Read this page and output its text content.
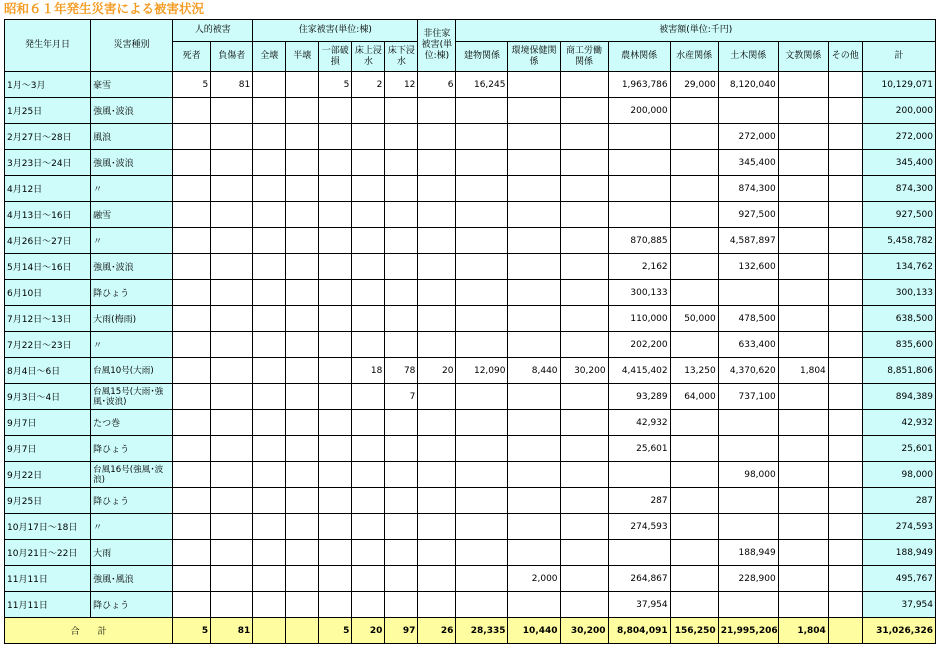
昭和６１年発生災害による被害状況
発生年月日	災害種別	人的被害		住家被害(単位:棟)					非住家被害(単位:棟)	被害額(単位:千円)								
		死者	負傷者	全壊	半壊	一部破損	床上浸水	床下浸水		建物関係	環境保健関係	商工労働関係	農林関係	水産関係	土木関係	文教関係	その他	計
1月～3月	豪雪	5	81			5	2	12	6	16,245			1,963,786	29,000	8,120,040			10,129,071
1月25日	強風･波浪												200,000					200,000
2月27日～28日	風浪														272,000			272,000
3月23日～24日	強風･波浪														345,400			345,400
4月12日	〃														874,300			874,300
4月13日～16日	融雪														927,500			927,500
4月26日～27日	〃												870,885		4,587,897			5,458,782
5月14日～16日	強風･波浪												2,162		132,600			134,762
6月10日	降ひょう												300,133					300,133
7月12日～13日	大雨(梅雨)												110,000	50,000	478,500			638,500
7月22日～23日	〃												202,200		633,400			835,600
8月4日～6日	台風10号(大雨)						18	78	20	12,090	8,440	30,200	4,415,402	13,250	4,370,620	1,804		8,851,806
9月3日～4日	台風15号(大雨･強風･波浪)							7					93,289	64,000	737,100			894,389
9月7日	たつ巻												42,932					42,932
9月7日	降ひょう												25,601					25,601
9月22日	台風16号(強風･波浪)														98,000			98,000
9月25日	降ひょう												287					287
10月17日～18日	〃												274,593					274,593
10月21日～22日	大雨														188,949			188,949
11月11日	強風･風浪										2,000		264,867		228,900			495,767
11月11日	降ひょう												37,954					37,954
合　　計		5	81			5	20	97	26	28,335	10,440	30,200	8,804,091	156,250	21,995,206	1,804		31,026,326
